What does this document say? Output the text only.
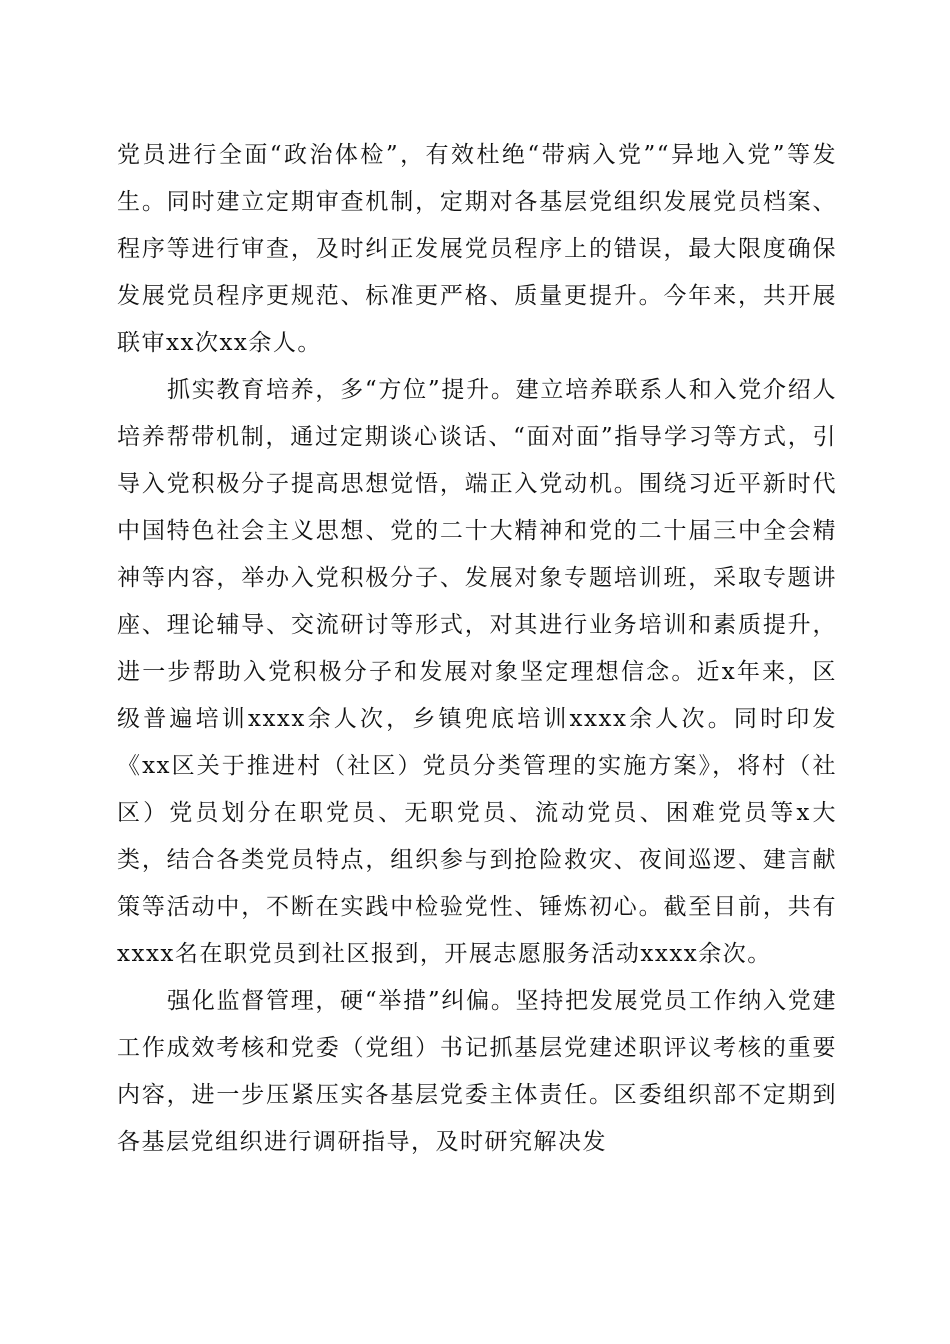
党员进行全面“政治体检”，有效杜绝“带病入党”“异地入党”等发生。同时建立定期审查机制，定期对各基层党组织发展党员档案、程序等进行审查，及时纠正发展党员程序上的错误，最大限度确保发展党员程序更规范、标准更严格、质量更提升。今年来，共开展联审xx次xx余人。

抓实教育培养，多“方位”提升。建立培养联系人和入党介绍人培养帮带机制，通过定期谈心谈话、“面对面”指导学习等方式，引导入党积极分子提高思想觉悟，端正入党动机。围绕习近平新时代中国特色社会主义思想、党的二十大精神和党的二十届三中全会精神等内容，举办入党积极分子、发展对象专题培训班，采取专题讲座、理论辅导、交流研讨等形式，对其进行业务培训和素质提升，进一步帮助入党积极分子和发展对象坚定理想信念。近x年来，区级普遍培训xxxx余人次，乡镇兜底培训xxxx余人次。同时印发《xx区关于推进村（社区）党员分类管理的实施方案》，将村（社区）党员划分在职党员、无职党员、流动党员、困难党员等x大类，结合各类党员特点，组织参与到抢险救灾、夜间巡逻、建言献策等活动中，不断在实践中检验党性、锤炼初心。截至目前，共有xxxx名在职党员到社区报到，开展志愿服务活动xxxx余次。

强化监督管理，硬“举措”纠偏。坚持把发展党员工作纳入党建工作成效考核和党委（党组）书记抓基层党建述职评议考核的重要内容，进一步压紧压实各基层党委主体责任。区委组织部不定期到各基层党组织进行调研指导，及时研究解决发
